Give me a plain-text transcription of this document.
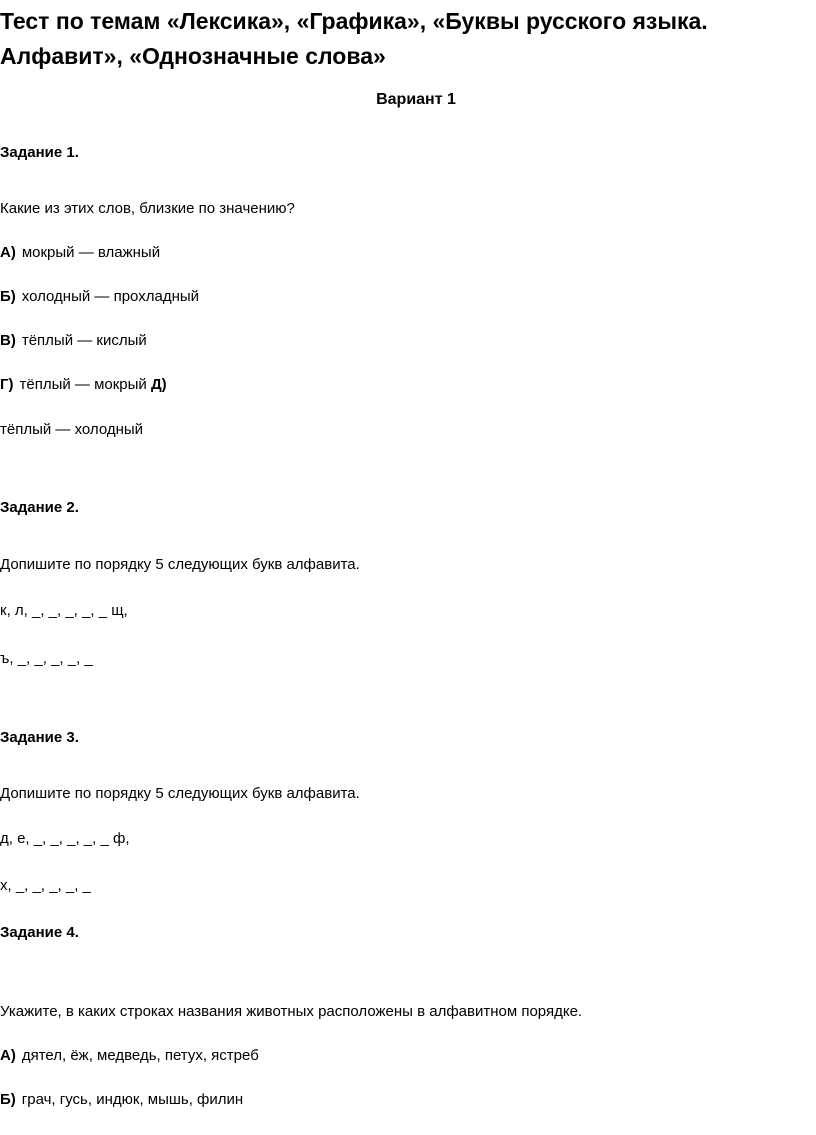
Тест по темам «Лексика», «Графика», «Буквы русского языка.
Алфавит», «Однозначные слова»
Вариант 1
Задание 1.
Какие из этих слов, близкие по значению?
А) мокрый — влажный
Б) холодный — прохладный
В) тёплый — кислый
Г) тёплый — мокрый Д)
тёплый — холодный
Задание 2.
Допишите по порядку 5 следующих букв алфавита.
к, л, _, _, _, _, _ щ,
ъ, _, _, _, _, _
Задание 3.
Допишите по порядку 5 следующих букв алфавита.
д, е, _, _, _, _, _ ф,
х, _, _, _, _, _
Задание 4.
Укажите, в каких строках названия животных расположены в алфавитном порядке.
А) дятел, ёж, медведь, петух, ястреб
Б) грач, гусь, индюк, мышь, филин
